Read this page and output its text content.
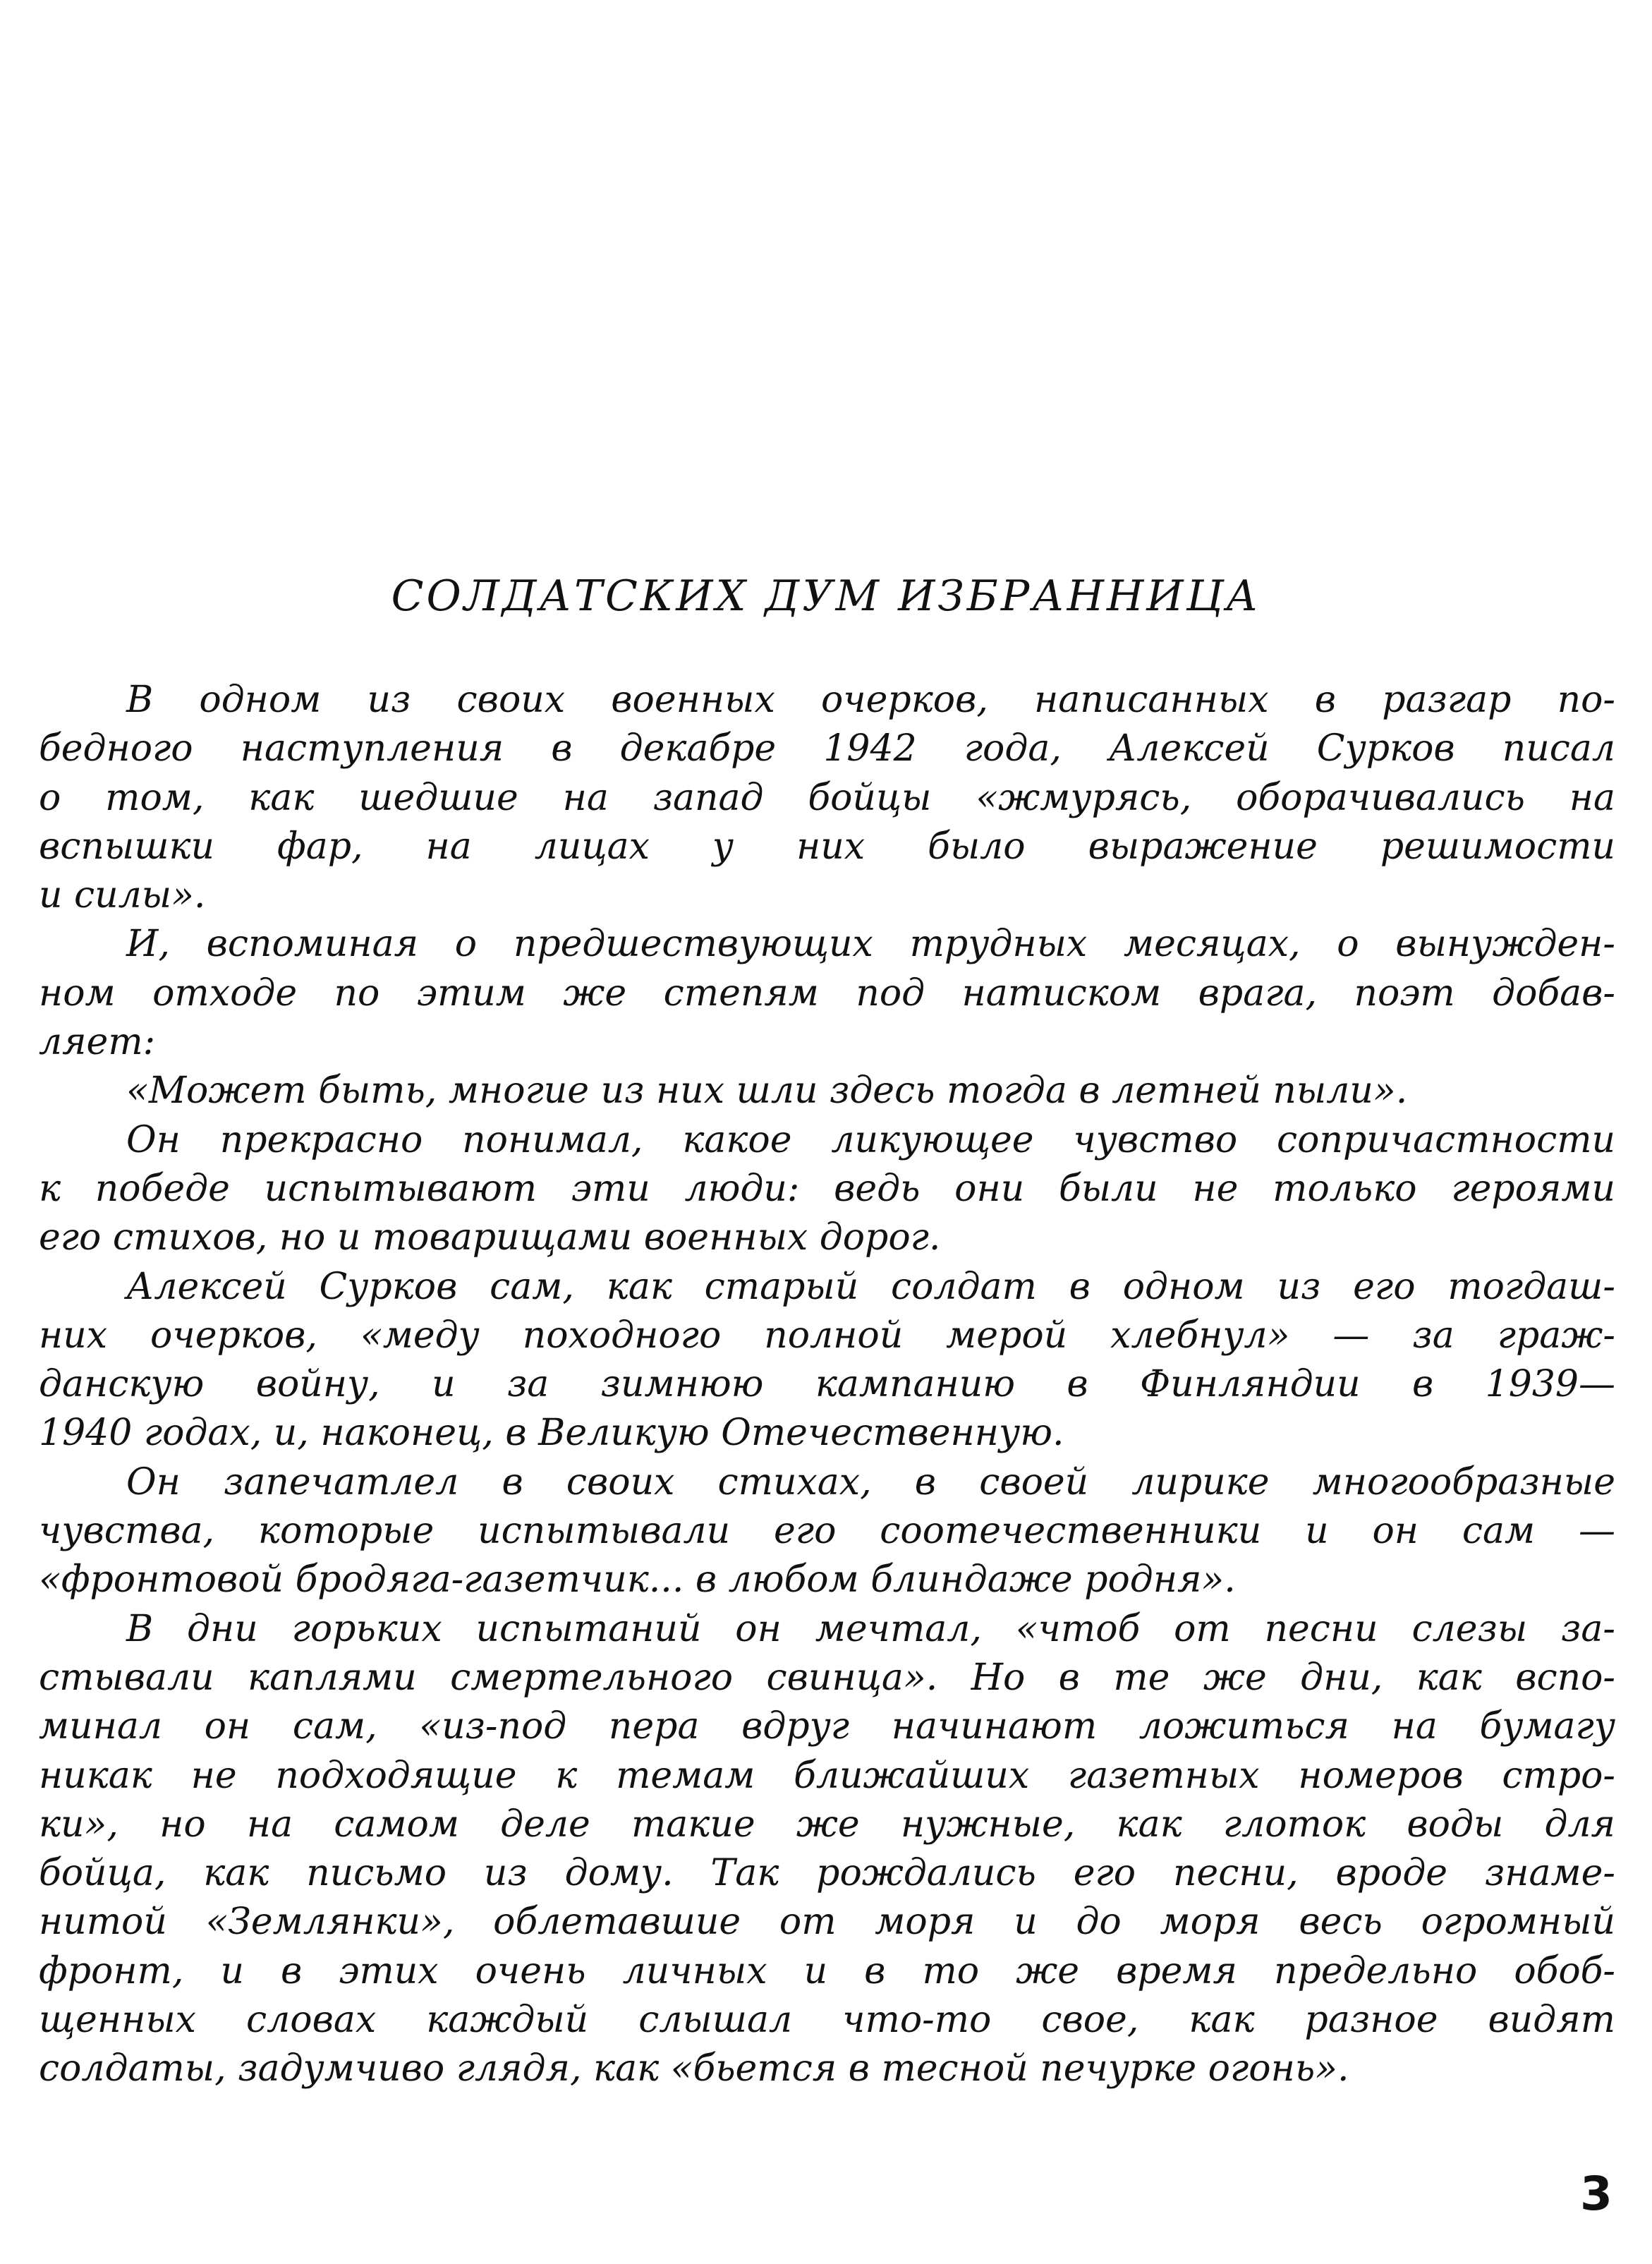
СОЛДАТСКИХ ДУМ ИЗБРАННИЦА
В одном из своих военных очерков, написанных в разгар по-
бедного наступления в декабре 1942 года, Алексей Сурков писал
о том, как шедшие на запад бойцы «жмурясь, оборачивались на
вспышки фар, на лицах у них было выражение решимости
и силы».
И, вспоминая о предшествующих трудных месяцах, о вынужден-
ном отходе по этим же степям под натиском врага, поэт добав-
ляет:
«Может быть, многие из них шли здесь тогда в летней пыли».
Он прекрасно понимал, какое ликующее чувство сопричастности
к победе испытывают эти люди: ведь они были не только героями
его стихов, но и товарищами военных дорог.
Алексей Сурков сам, как старый солдат в одном из его тогдаш-
них очерков, «меду походного полной мерой хлебнул» — за граж-
данскую войну, и за зимнюю кампанию в Финляндии в 1939—
1940 годах, и, наконец, в Великую Отечественную.
Он запечатлел в своих стихах, в своей лирике многообразные
чувства, которые испытывали его соотечественники и он сам —
«фронтовой бродяга-газетчик... в любом блиндаже родня».
В дни горьких испытаний он мечтал, «чтоб от песни слезы за-
стывали каплями смертельного свинца». Но в те же дни, как вспо-
минал он сам, «из-под пера вдруг начинают ложиться на бумагу
никак не подходящие к темам ближайших газетных номеров стро-
ки», но на самом деле такие же нужные, как глоток воды для
бойца, как письмо из дому. Так рождались его песни, вроде знаме-
нитой «Землянки», облетавшие от моря и до моря весь огромный
фронт, и в этих очень личных и в то же время предельно обоб-
щенных словах каждый слышал что-то свое, как разное видят
солдаты, задумчиво глядя, как «бьется в тесной печурке огонь».
3
